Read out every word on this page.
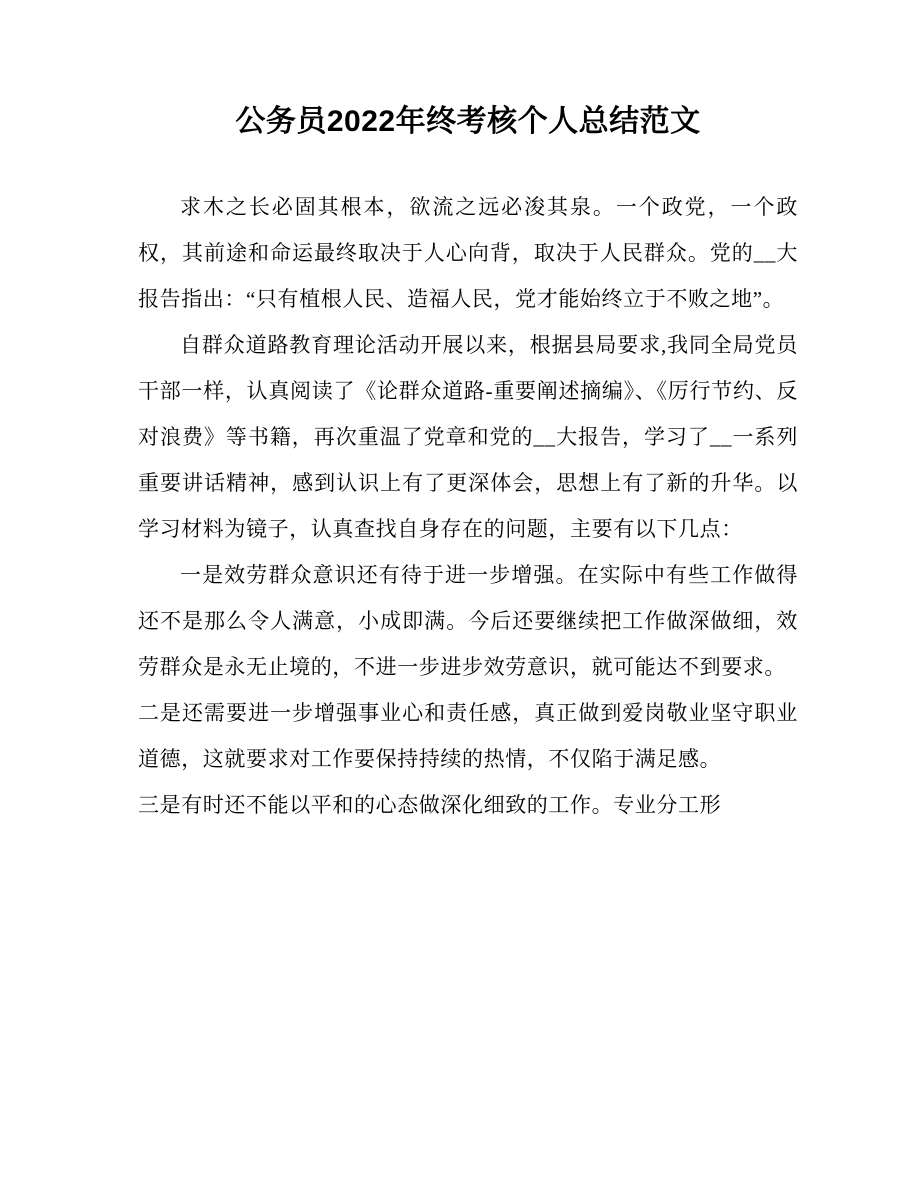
公务员2022年终考核个人总结范文

求木之长必固其根本，欲流之远必浚其泉。一个政党，一个政权，其前途和命运最终取决于人心向背，取决于人民群众。党的__大报告指出：“只有植根人民、造福人民，党才能始终立于不败之地”。

自群众道路教育理论活动开展以来，根据县局要求,我同全局党员干部一样，认真阅读了《论群众道路-重要阐述摘编》、《厉行节约、反对浪费》等书籍，再次重温了党章和党的__大报告，学习了__一系列重要讲话精神，感到认识上有了更深体会，思想上有了新的升华。以学习材料为镜子，认真查找自身存在的问题，主要有以下几点：

一是效劳群众意识还有待于进一步增强。在实际中有些工作做得还不是那么令人满意，小成即满。今后还要继续把工作做深做细，效劳群众是永无止境的，不进一步进步效劳意识，就可能达不到要求。

二是还需要进一步增强事业心和责任感，真正做到爱岗敬业坚守职业道德，这就要求对工作要保持持续的热情，不仅陷于满足感。

三是有时还不能以平和的心态做深化细致的工作。专业分工形
